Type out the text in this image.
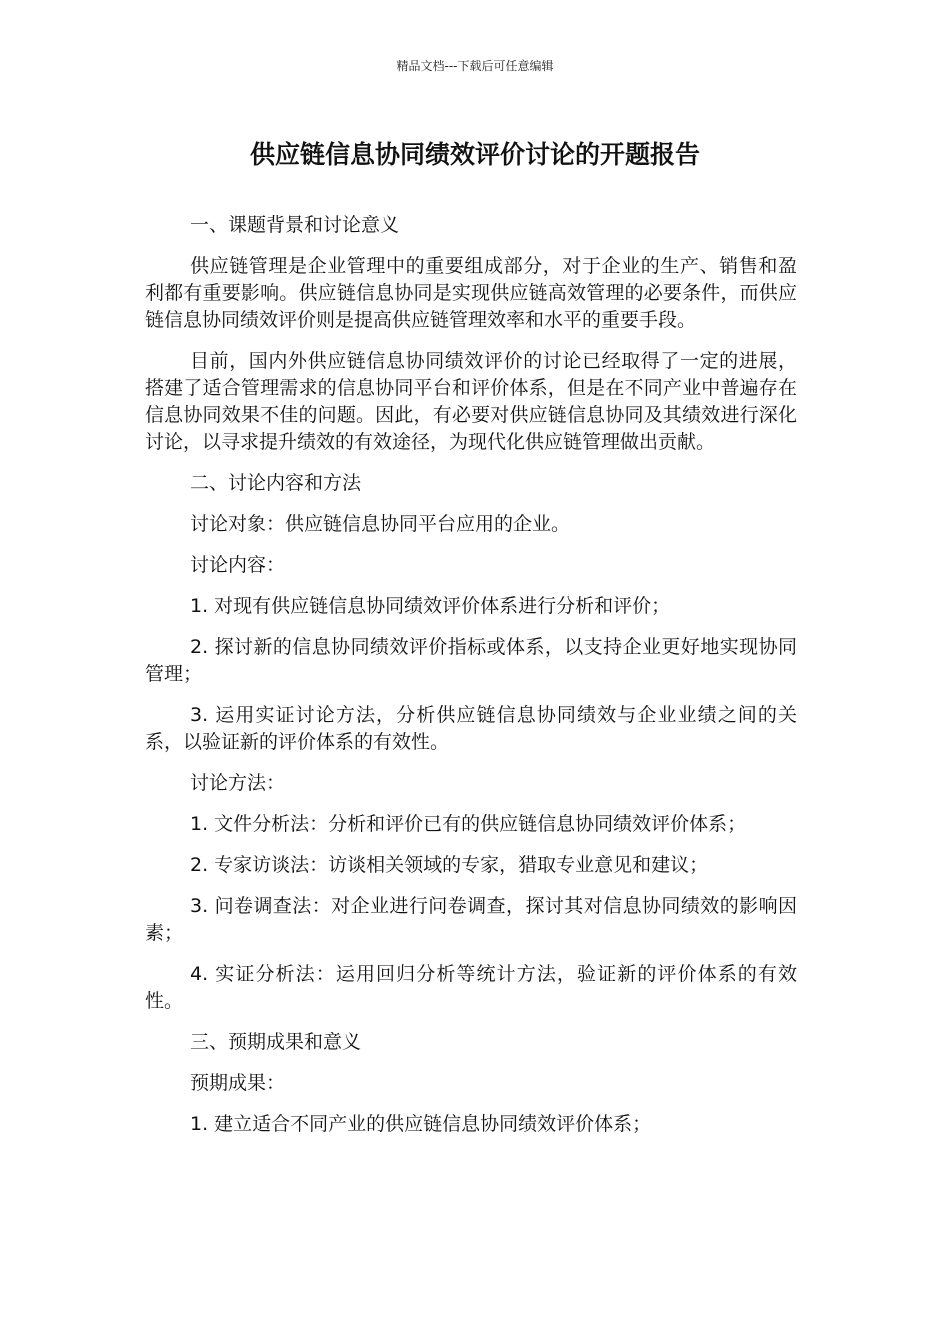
精品文档---下载后可任意编辑
供应链信息协同绩效评价讨论的开题报告

一、课题背景和讨论意义

供应链管理是企业管理中的重要组成部分，对于企业的生产、销售和盈利都有重要影响。供应链信息协同是实现供应链高效管理的必要条件，而供应链信息协同绩效评价则是提高供应链管理效率和水平的重要手段。

目前，国内外供应链信息协同绩效评价的讨论已经取得了一定的进展，搭建了适合管理需求的信息协同平台和评价体系，但是在不同产业中普遍存在信息协同效果不佳的问题。因此，有必要对供应链信息协同及其绩效进行深化讨论，以寻求提升绩效的有效途径，为现代化供应链管理做出贡献。

二、讨论内容和方法

讨论对象：供应链信息协同平台应用的企业。

讨论内容：

1. 对现有供应链信息协同绩效评价体系进行分析和评价；

2. 探讨新的信息协同绩效评价指标或体系，以支持企业更好地实现协同管理；

3. 运用实证讨论方法，分析供应链信息协同绩效与企业业绩之间的关系，以验证新的评价体系的有效性。

讨论方法：

1. 文件分析法：分析和评价已有的供应链信息协同绩效评价体系；

2. 专家访谈法：访谈相关领域的专家，猎取专业意见和建议；

3. 问卷调查法：对企业进行问卷调查，探讨其对信息协同绩效的影响因素；

4. 实证分析法：运用回归分析等统计方法，验证新的评价体系的有效性。

三、预期成果和意义

预期成果：

1. 建立适合不同产业的供应链信息协同绩效评价体系；
